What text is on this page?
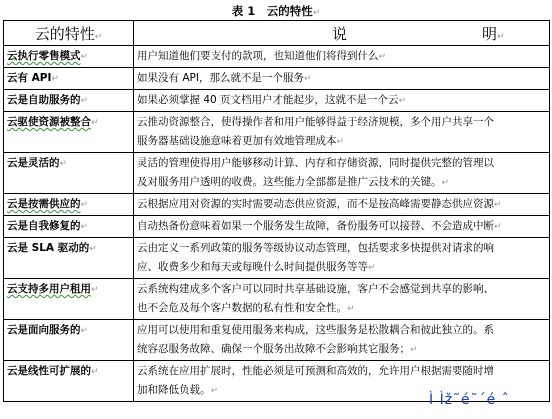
表 1　云的特性↵
云的特性↵	说 明↵
云执行零售模式↵	用户知道他们要支付的款项，也知道他们将得到什么↵
云有 API↵	如果没有 API，那么就不是一个服务↵
云是自助服务的↵	如果必须掌握 40 页文档用户才能起步，这就不是一个云↵
云驱使资源被整合↵	云推动资源整合，使得操作者和用户能够得益于经济规模，多个用户共享一个
服务器基础设施意味着更加有效地管理成本↵
云是灵活的↵	灵活的管理使得用户能够移动计算、内存和存储资源，同时提供完整的管理以
及对服务用户透明的收费。这些能力全部都是推广云技术的关键。↵
云是按需供应的↵	云根据应用对资源的实时需要动态供应资源，而不是按高峰需要静态供应资源↵
云是自我修复的↵	自动热备份意味着如果一个服务发生故障，备份服务可以接替、不会造成中断↵
云是 SLA 驱动的↵	云由定义一系列政策的服务等级协议动态管理，包括要求多快提供对请求的响
应、收费多少和每天或每晚什么时间提供服务等等↵
云支持多用户租用↵	云系统构建成多个客户可以同时共享基础设施，客户不会感觉到共享的影响、
也不会危及每个客户数据的私有性和安全性。↵
云是面向服务的↵	应用可以使用和重复使用服务来构成，这些服务是松散耦合和彼此独立的。系
统容忍服务故障、确保一个服务出故障不会影响其它服务；↵
云是线性可扩展的↵	云系统在应用扩展时，性能必须是可预测和高效的，允许用户根据需要随时增
加和降低负载。↵
Ì Ìž˜é˜´é ˆ
